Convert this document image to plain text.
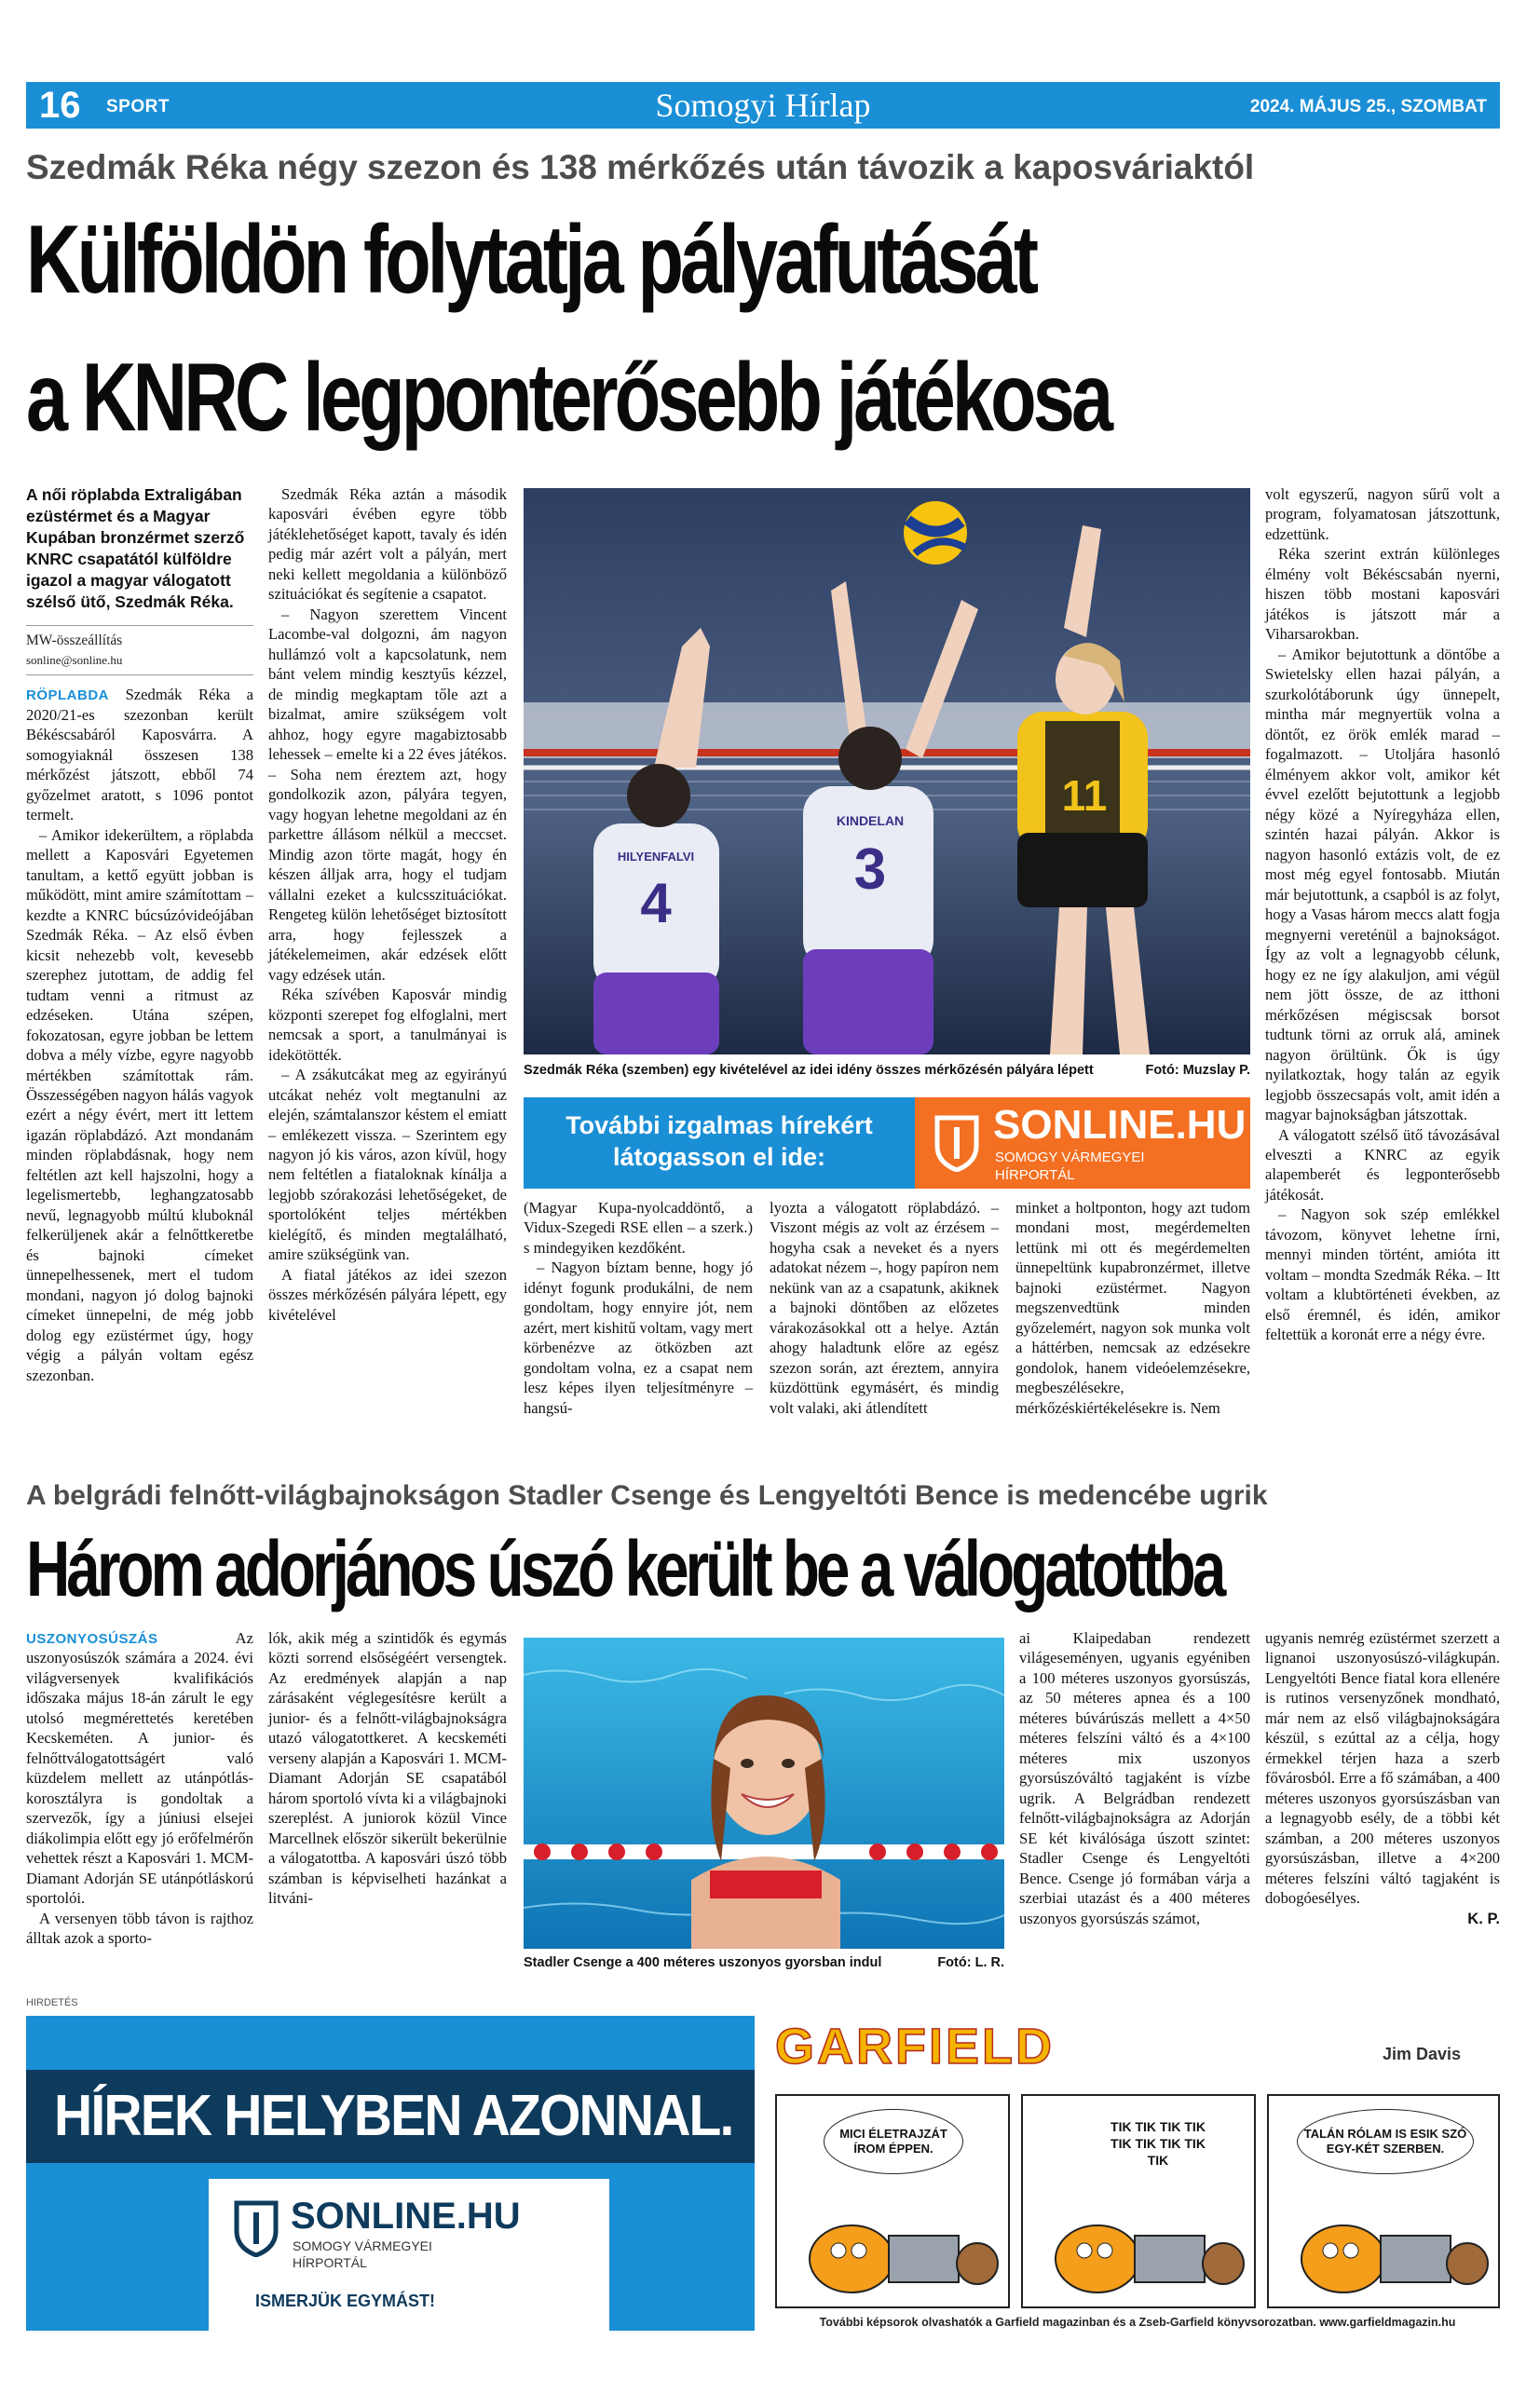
Somogyi Hírlap
16 SPORT	2024. MÁJUS 25., SZOMBAT
Szedmák Réka négy szezon és 138 mérkőzés után távozik a kaposváriaktól
Külföldön folytatja pályafutását
a KNRC legponterősebb játékosa
A női röplabda Extraligában ezüstérmet és a Magyar Kupában bronzérmet szerző KNRC csapatától külföldre igazol a magyar válogatott szélső ütő, Szedmák Réka.
MW-összeállítás
sonline@sonline.hu

RÖPLABDA Szedmák Réka a 2020/21-es szezonban került Békéscsabáról Kaposvárra. A somogyiaknál összesen 138 mérkőzést játszott, ebből 74 győzelmet aratott, s 1096 pontot termelt.

– Amikor idekerültem, a röplabda mellett a Kaposvári Egyetemen tanultam, a kettő együtt jobban is működött, mint amire számítottam – kezdte a KNRC búcsúzóvideójában Szedmák Réka. – Az első évben kicsit nehezebb volt, kevesebb szerephez jutottam, de addig fel tudtam venni a ritmust az edzéseken. Utána szépen, fokozatosan, egyre jobban be lettem dobva a mély vízbe, egyre nagyobb mértékben számítottak rám. Összességében nagyon hálás vagyok ezért a négy évért, mert itt lettem igazán röplabdázó. Azt mondanám minden röplabdásnak, hogy nem feltétlen azt kell hajszolni, hogy a legelismertebb, leghangzatosabb nevű, legnagyobb múltú kluboknál felkerüljenek akár a felnőttkeretbe és bajnoki címeket ünnepelhessenek, mert el tudom mondani, nagyon jó dolog bajnoki címeket ünnepelni, de még jobb dolog egy ezüstérmet úgy, hogy végig a pályán voltam egész szezonban.

Szedmák Réka aztán a második kaposvári évében egyre több játéklehetőséget kapott, tavaly és idén pedig már azért volt a pályán, mert neki kellett megoldania a különböző szituációkat és segítenie a csapatot.

– Nagyon szerettem Vincent Lacombe-val dolgozni, ám nagyon hullámzó volt a kapcsolatunk, nem bánt velem mindig kesztyűs kézzel, de mindig megkaptam tőle azt a bizalmat, amire szükségem volt ahhoz, hogy egyre magabiztosabb lehessek – emelte ki a 22 éves játékos. – Soha nem éreztem azt, hogy gondolkozik azon, pályára tegyen, vagy hogyan lehetne megoldani az én parkettre állásom nélkül a meccset. Mindig azon törte magát, hogy én készen álljak arra, hogy el tudjam vállalni ezeket a kulcsszituációkat. Rengeteg külön lehetőséget biztosított arra, hogy fejlesszek a játékelemeimen, akár edzések előtt vagy edzések után.

Réka szívében Kaposvár mindig központi szerepet fog elfoglalni, mert nemcsak a sport, a tanulmányai is idekötötték.

– A zsákutcákat meg az egyirányú utcákat nehéz volt megtanulni az elején, számtalanszor késtem el emiatt – emlékezett vissza. – Szerintem egy nagyon jó kis város, azon kívül, hogy nem feltétlen a fiataloknak kínálja a legjobb szórakozási lehetőségeket, de sportolóként teljes mértékben kielégítő, és minden megtalálható, amire szükségünk van.

A fiatal játékos az idei szezon összes mérkőzésén pályára lépett, egy kivételével

4
HILYENFALVI	3
KINDELAN
11
Szedmák Réka (szemben) egy kivételével az idei idény összes mérkőzésén pályára lépett	Fotó: Muzslay P.
További izgalmas hírekért
látogasson el ide:
SONLINE.HU
SOMOGY VÁRMEGYEI
HÍRPORTÁL

(Magyar Kupa-nyolcaddöntő, a Vidux-Szegedi RSE ellen – a szerk.) s mindegyiken kezdőként.

– Nagyon bíztam benne, hogy jó idényt fogunk produkálni, de nem gondoltam, hogy ennyire jót, nem azért, mert kishitű voltam, vagy mert körbenézve az ötközben azt gondoltam volna, ez a csapat nem lesz képes ilyen teljesítményre – hangsú-

lyozta a válogatott röplabdázó. – Viszont mégis az volt az érzésem – hogyha csak a neveket és a nyers adatokat nézem –, hogy papíron nem nekünk van az a csapatunk, akiknek a bajnoki döntőben az előzetes várakozásokkal ott a helye. Aztán ahogy haladtunk előre az egész szezon során, azt éreztem, annyira küzdöttünk egymásért, és mindig volt valaki, aki átlendített

minket a holtponton, hogy azt tudom mondani most, megérdemelten lettünk mi ott és megérdemelten ünnepeltünk kupabronzérmet, illetve bajnoki ezüstérmet. Nagyon megszenvedtünk minden győzelemért, nagyon sok munka volt a háttérben, nemcsak az edzésekre gondolok, hanem videóelemzésekre, megbeszélésekre, mérkőzéskiértékelésekre is. Nem

volt egyszerű, nagyon sűrű volt a program, folyamatosan játszottunk, edzettünk.

Réka szerint extrán különleges élmény volt Békéscsabán nyerni, hiszen több mostani kaposvári játékos is játszott már a Viharsarokban.

– Amikor bejutottunk a döntőbe a Swietelsky ellen hazai pályán, a szurkolótáborunk úgy ünnepelt, mintha már megnyertük volna a döntőt, ez örök emlék marad – fogalmazott. – Utoljára hasonló élményem akkor volt, amikor két évvel ezelőtt bejutottunk a legjobb négy közé a Nyíregyháza ellen, szintén hazai pályán. Akkor is nagyon hasonló extázis volt, de ez most még egyel fontosabb. Miután már bejutottunk, a csapból is az folyt, hogy a Vasas három meccs alatt fogja megnyerni vereténül a bajnokságot. Így az volt a legnagyobb célunk, hogy ez ne így alakuljon, ami végül nem jött össze, de az itthoni mérkőzésen mégiscsak borsot tudtunk törni az orruk alá, aminek nagyon örültünk. Ők is úgy nyilatkoztak, hogy talán az egyik legjobb összecsapás volt, amit idén a magyar bajnokságban játszottak.

A válogatott szélső ütő távozásával elveszti a KNRC az egyik alapemberét és legponterősebb játékosát.

– Nagyon sok szép emlékkel távozom, könyvet lehetne írni, mennyi minden történt, amióta itt voltam – mondta Szedmák Réka. – Itt voltam a klubtörténeti években, az első éremnél, és idén, amikor feltettük a koronát erre a négy évre.

A belgrádi felnőtt-világbajnokságon Stadler Csenge és Lengyeltóti Bence is medencébe ugrik
Három adorjános úszó került be a válogatottba

USZONYOSÚSZÁS	Az uszonyosúszók számára a 2024. évi világversenyek kvalifikációs időszaka május 18-án zárult le egy utolsó megmérettetés keretében Kecskeméten. A junior- és felnőttválogatottságért való küzdelem mellett az utánpótlás-korosztályra is gondoltak a szervezők, így a júniusi elsejei diákolimpia előtt egy jó erőfelmérőn vehettek részt a Kaposvári 1. MCM-Diamant Adorján SE utánpótláskorú sportolói.

A versenyen több távon is rajthoz álltak azok a sporto-

lók, akik még a szintidők és egymás közti sorrend elsőségéért versengtek. Az eredmények alapján a nap zárásaként véglegesítésre került a junior- és a felnőtt-világbajnokságra utazó válogatottkeret. A kecskeméti verseny alapján a Kaposvári 1. MCM-Diamant Adorján SE csapatából három sportoló vívta ki a világbajnoki szereplést. A juniorok közül Vince Marcellnek először sikerült bekerülnie a válogatottba. A kaposvári úszó több számban is képviselheti hazánkat a litváni-

Stadler Csenge a 400 méteres uszonyos gyorsban indul	Fotó: L. R.

ai Klaipedaban rendezett világeseményen, ugyanis egyéniben a 100 méteres uszonyos gyorsúszás, az 50 méteres apnea és a 100 méteres búvárúszás mellett a 4×50 méteres felszíni váltó és a 4×100 méteres mix uszonyos gyorsúszóváltó tagjaként is vízbe ugrik. A Belgrádban rendezett felnőtt-világbajnokságra az Adorján SE két kiválósága úszott szintet: Stadler Csenge és Lengyeltóti Bence. Csenge jó formában várja a szerbiai utazást és a 400 méteres uszonyos gyorsúszás számot,

ugyanis nemrég ezüstérmet szerzett a lignanoi uszonyosúszó-világkupán. Lengyeltóti Bence fiatal kora ellenére is rutinos versenyzőnek mondható, már nem az első világbajnokságára készül, s ezúttal az a célja, hogy érmekkel térjen haza a szerb fővárosból. Erre a fő számában, a 400 méteres uszonyos gyorsúszásban van a legnagyobb esély, de a többi két számban, a 200 méteres uszonyos gyorsúszásban, illetve a 4×200 méteres felszíni váltó tagjaként is dobogóesélyes.

K. P.

HIRDETÉS
HÍREK HELYBEN AZONNAL.
SONLINE.HU
SOMOGY VÁRMEGYEI
HÍRPORTÁL
ISMERJÜK EGYMÁST!
GARFIELD	Jim Davis
MICI ÉLETRAJZÁT ÍROM ÉPPEN.
TIK TIK TIK TIK TIK TIK TIK TIK TIK
TALÁN RÓLAM IS ESIK SZÓ EGY-KÉT SZERBEN.
További képsorok olvashatók a Garfield magazinban és a Zseb-Garfield könyvsorozatban. www.garfieldmagazin.hu
